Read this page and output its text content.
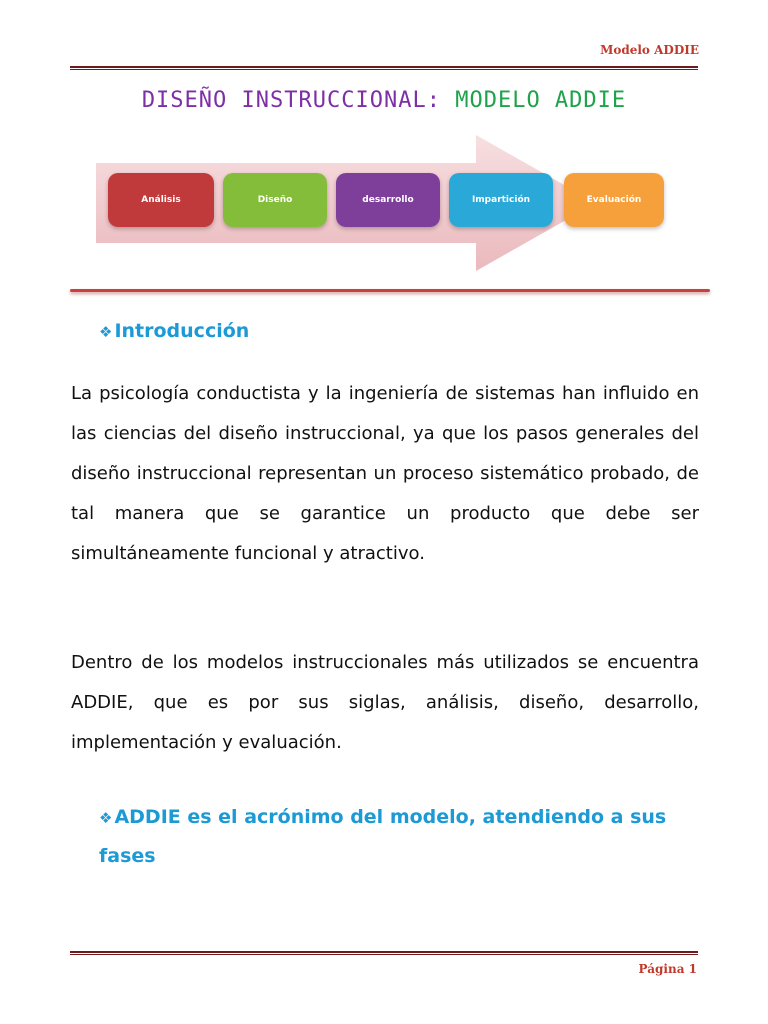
Modelo ADDIE
DISEÑO INSTRUCCIONAL: MODELO ADDIE
Análisis	Diseño	desarrollo	Impartición	Evaluación
❖ Introducción
La psicología conductista y la ingeniería de sistemas han influido en las ciencias del diseño instruccional, ya que los pasos generales del diseño instruccional representan un proceso sistemático probado, de tal manera que se garantice un producto que debe ser simultáneamente funcional y atractivo.
Dentro de los modelos instruccionales más utilizados se encuentra ADDIE, que es por sus siglas, análisis, diseño, desarrollo, implementación y evaluación.
❖ ADDIE es el acrónimo del modelo, atendiendo a sus fases
Página 1
